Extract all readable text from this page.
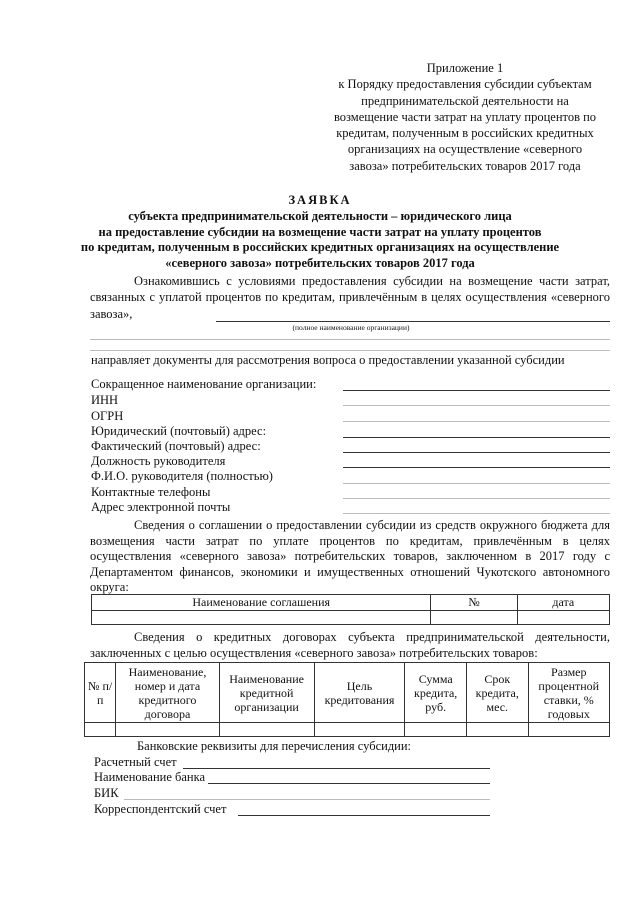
Приложение 1
к Порядку предоставления субсидии субъектам
предпринимательской деятельности на
возмещение части затрат на уплату процентов по
кредитам, полученным в российских кредитных
организациях на осуществление «северного
завоза» потребительских товаров 2017 года
ЗАЯВКА
субъекта предпринимательской деятельности – юридического лица
на предоставление субсидии на возмещение части затрат на уплату процентов
по кредитам, полученным в российских кредитных организациях на осуществление
«северного завоза» потребительских товаров 2017 года
Ознакомившись с условиями предоставления субсидии на возмещение части затрат, связанных с уплатой процентов по кредитам, привлечённым в целях осуществления «северного завоза»,
(полное наименование организации)
направляет документы для рассмотрения вопроса о предоставлении указанной субсидии
Сокращенное наименование организации:
ИНН
ОГРН
Юридический (почтовый) адрес:
Фактический (почтовый) адрес:
Должность руководителя
Ф.И.О. руководителя (полностью)
Контактные телефоны
Адрес электронной почты
Сведения о соглашении о предоставлении субсидии из средств окружного бюджета для возмещения части затрат по уплате процентов по кредитам, привлечённым в целях осуществления «северного завоза» потребительских товаров, заключенном в 2017 году с Департаментом финансов, экономики и имущественных отношений Чукотского автономного округа:
Наименование соглашения	№	дата

Сведения о кредитных договорах субъекта предпринимательской деятельности, заключенных с целью осуществления «северного завоза» потребительских товаров:
№ п/п	Наименование, номер и дата кредитного договора	Наименование кредитной организации	Цель кредитования	Сумма кредита, руб.	Срок кредита, мес.	Размер процентной ставки, % годовых

Банковские реквизиты для перечисления субсидии:
Расчетный счет
Наименование банка
БИК
Корреспондентский счет
